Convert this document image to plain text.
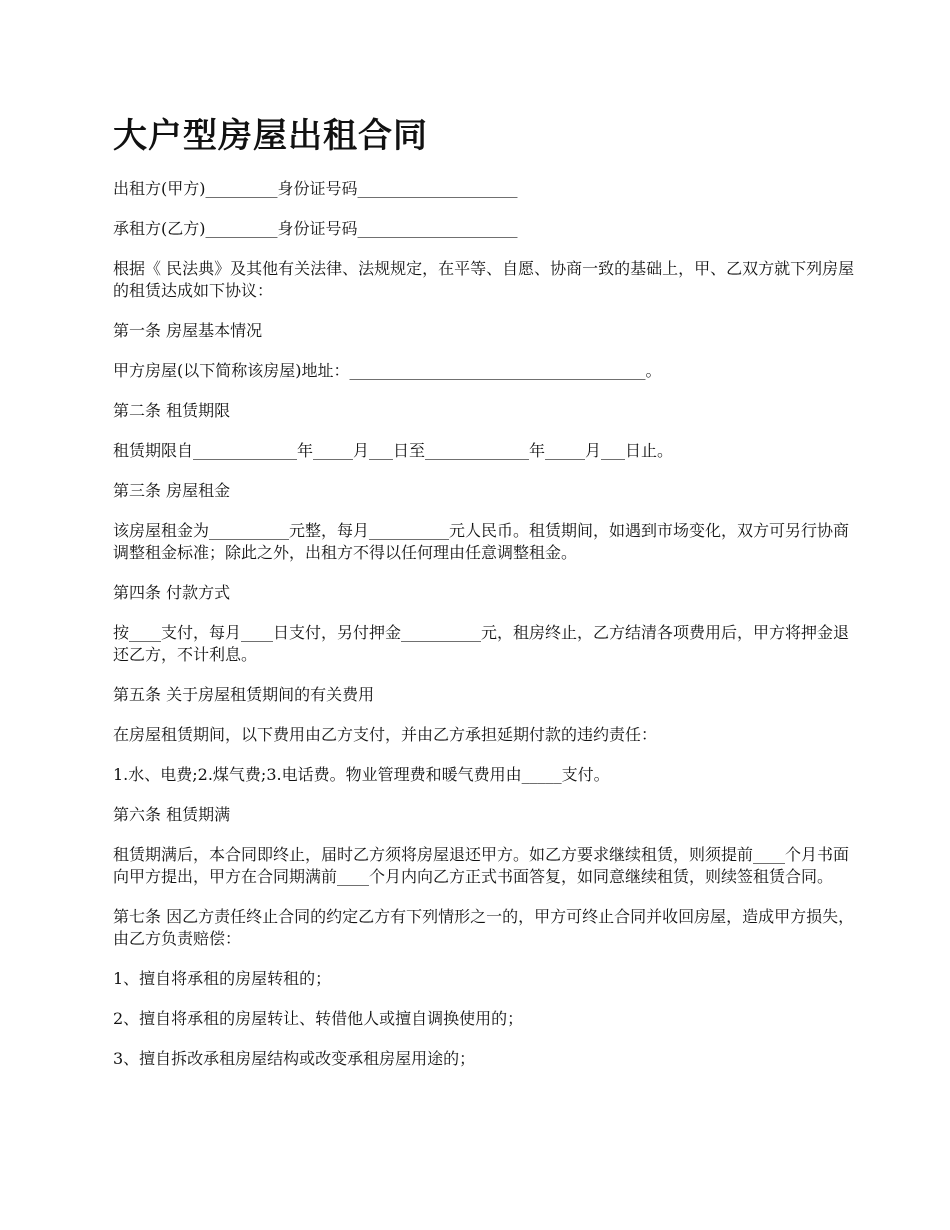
大户型房屋出租合同

出租方(甲方)_________身份证号码____________________

承租方(乙方)_________身份证号码____________________

根据《 民法典》及其他有关法律、法规规定，在平等、自愿、协商一致的基础上，甲、乙双方就下列房屋的租赁达成如下协议：

第一条 房屋基本情况

甲方房屋(以下简称该房屋)地址：_____________________________________。

第二条 租赁期限

租赁期限自_____________年_____月___日至_____________年_____月___日止。

第三条 房屋租金

该房屋租金为__________元整，每月__________元人民币。租赁期间，如遇到市场变化，双方可另行协商调整租金标准；除此之外，出租方不得以任何理由任意调整租金。

第四条 付款方式

按____支付，每月____日支付，另付押金__________元，租房终止，乙方结清各项费用后，甲方将押金退还乙方，不计利息。

第五条 关于房屋租赁期间的有关费用

在房屋租赁期间，以下费用由乙方支付，并由乙方承担延期付款的违约责任：

1.水、电费;2.煤气费;3.电话费。物业管理费和暖气费用由_____支付。

第六条 租赁期满

租赁期满后，本合同即终止，届时乙方须将房屋退还甲方。如乙方要求继续租赁，则须提前____个月书面向甲方提出，甲方在合同期满前____个月内向乙方正式书面答复，如同意继续租赁，则续签租赁合同。

第七条 因乙方责任终止合同的约定乙方有下列情形之一的，甲方可终止合同并收回房屋，造成甲方损失，由乙方负责赔偿：

1、擅自将承租的房屋转租的；

2、擅自将承租的房屋转让、转借他人或擅自调换使用的；

3、擅自拆改承租房屋结构或改变承租房屋用途的；
